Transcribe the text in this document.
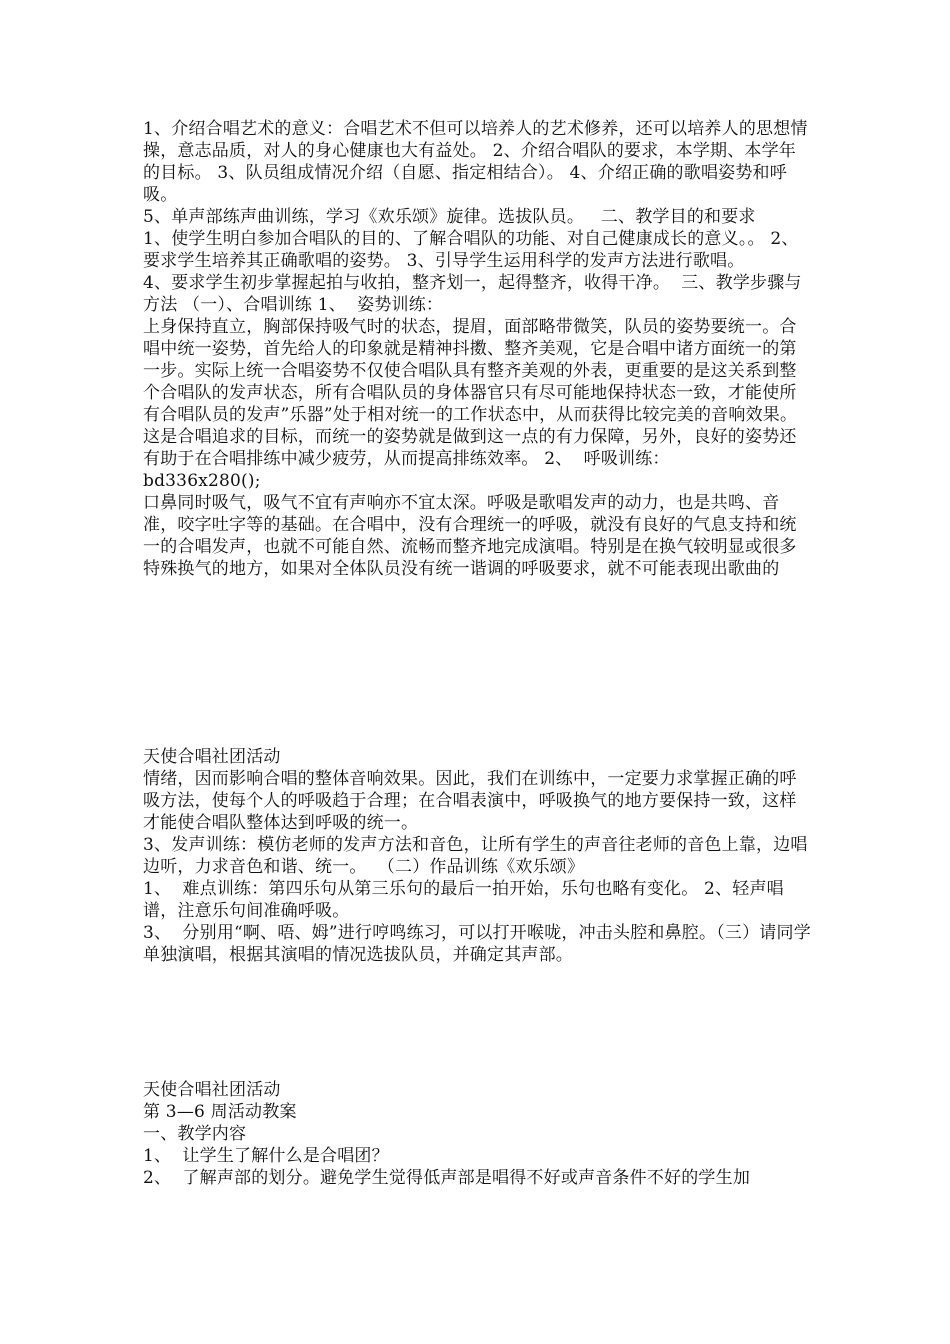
1、介绍合唱艺术的意义：合唱艺术不但可以培养人的艺术修养，还可以培养人的思想情操，意志品质，对人的身心健康也大有益处。 2、介绍合唱队的要求，本学期、本学年的目标。 3、队员组成情况介绍（自愿、指定相结合）。 4、介绍正确的歌唱姿势和呼吸。

5、单声部练声曲训练，学习《欢乐颂》旋律。选拔队员。   二、教学目的和要求

1、使学生明白参加合唱队的目的、了解合唱队的功能、对自己健康成长的意义。。 2、要求学生培养其正确歌唱的姿势。 3、引导学生运用科学的发声方法进行歌唱。

4、要求学生初步掌握起拍与收拍，整齐划一，起得整齐，收得干净。  三、教学步骤与方法 （一）、合唱训练 1、  姿势训练：

上身保持直立，胸部保持吸气时的状态，提眉，面部略带微笑，队员的姿势要统一。合唱中统一姿势，首先给人的印象就是精神抖擞、整齐美观，它是合唱中诸方面统一的第一步。实际上统一合唱姿势不仅使合唱队具有整齐美观的外表，更重要的是这关系到整个合唱队的发声状态，所有合唱队员的身体器官只有尽可能地保持状态一致，才能使所有合唱队员的发声”乐器”处于相对统一的工作状态中，从而获得比较完美的音响效果。这是合唱追求的目标，而统一的姿势就是做到这一点的有力保障，另外，良好的姿势还有助于在合唱排练中减少疲劳，从而提高排练效率。 2、  呼吸训练：

bd336x280();

口鼻同时吸气，吸气不宜有声响亦不宜太深。呼吸是歌唱发声的动力，也是共鸣、音准，咬字吐字等的基础。在合唱中，没有合理统一的呼吸，就没有良好的气息支持和统一的合唱发声，也就不可能自然、流畅而整齐地完成演唱。特别是在换气较明显或很多特殊换气的地方，如果对全体队员没有统一谐调的呼吸要求，就不可能表现出歌曲的

天使合唱社团活动

情绪，因而影响合唱的整体音响效果。因此，我们在训练中，一定要力求掌握正确的呼吸方法，使每个人的呼吸趋于合理；在合唱表演中，呼吸换气的地方要保持一致，这样才能使合唱队整体达到呼吸的统一。

3、发声训练：模仿老师的发声方法和音色，让所有学生的声音往老师的音色上靠，边唱边听，力求音色和谐、统一。  （二）作品训练《欢乐颂》

1、  难点训练：第四乐句从第三乐句的最后一拍开始，乐句也略有变化。 2、轻声唱谱，注意乐句间准确呼吸。

3、  分别用“啊、唔、姆”进行哼鸣练习，可以打开喉咙，冲击头腔和鼻腔。（三）请同学单独演唱，根据其演唱的情况选拔队员，并确定其声部。

天使合唱社团活动

第 3—6 周活动教案

一、教学内容

1、  让学生了解什么是合唱团？

2、  了解声部的划分。避免学生觉得低声部是唱得不好或声音条件不好的学生加
